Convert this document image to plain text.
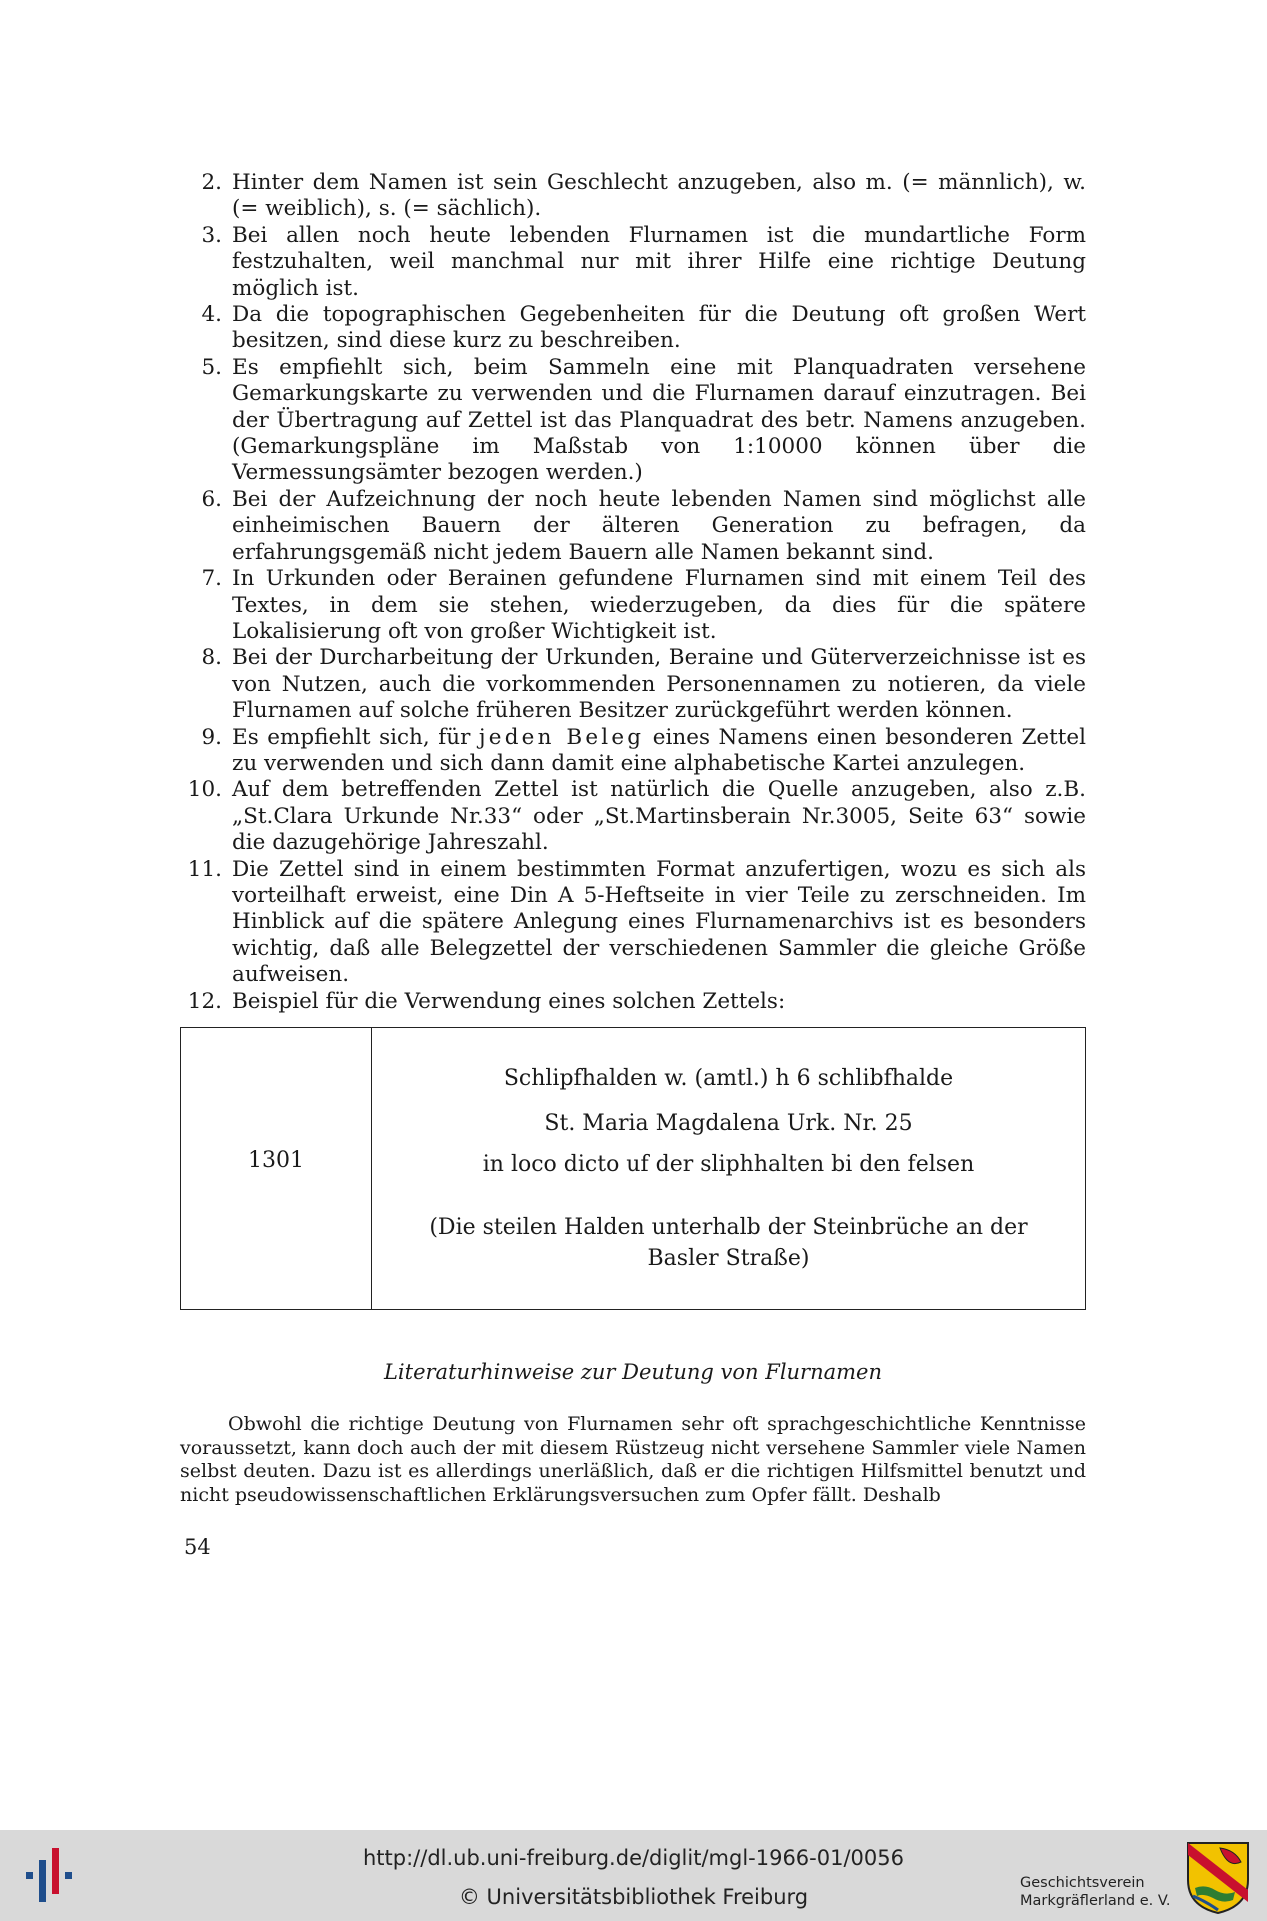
2. Hinter dem Namen ist sein Geschlecht anzugeben, also m. (= männlich), w. (= weiblich), s. (= sächlich).
3. Bei allen noch heute lebenden Flurnamen ist die mundartliche Form festzuhalten, weil manchmal nur mit ihrer Hilfe eine richtige Deutung möglich ist.
4. Da die topographischen Gegebenheiten für die Deutung oft großen Wert besitzen, sind diese kurz zu beschreiben.
5. Es empfiehlt sich, beim Sammeln eine mit Planquadraten versehene Gemarkungskarte zu verwenden und die Flurnamen darauf einzutragen. Bei der Übertragung auf Zettel ist das Planquadrat des betr. Namens anzugeben. (Gemarkungspläne im Maßstab von 1:10000 können über die Vermessungsämter bezogen werden.)
6. Bei der Aufzeichnung der noch heute lebenden Namen sind möglichst alle einheimischen Bauern der älteren Generation zu befragen, da erfahrungsgemäß nicht jedem Bauern alle Namen bekannt sind.
7. In Urkunden oder Berainen gefundene Flurnamen sind mit einem Teil des Textes, in dem sie stehen, wiederzugeben, da dies für die spätere Lokalisierung oft von großer Wichtigkeit ist.
8. Bei der Durcharbeitung der Urkunden, Beraine und Güterverzeichnisse ist es von Nutzen, auch die vorkommenden Personennamen zu notieren, da viele Flurnamen auf solche früheren Besitzer zurückgeführt werden können.
9. Es empfiehlt sich, für jeden Beleg eines Namens einen besonderen Zettel zu verwenden und sich dann damit eine alphabetische Kartei anzulegen.
10. Auf dem betreffenden Zettel ist natürlich die Quelle anzugeben, also z.B. „St.Clara Urkunde Nr.33“ oder „St.Martinsberain Nr.3005, Seite 63“ sowie die dazugehörige Jahreszahl.
11. Die Zettel sind in einem bestimmten Format anzufertigen, wozu es sich als vorteilhaft erweist, eine Din A 5-Heftseite in vier Teile zu zerschneiden. Im Hinblick auf die spätere Anlegung eines Flurnamenarchivs ist es besonders wichtig, daß alle Belegzettel der verschiedenen Sammler die gleiche Größe aufweisen.
12. Beispiel für die Verwendung eines solchen Zettels:
1301
Schlipfhalden w. (amtl.) h 6 schlibfhalde
St. Maria Magdalena Urk. Nr. 25
in loco dicto uf der sliphhalten bi den felsen
(Die steilen Halden unterhalb der Steinbrüche an der
Basler Straße)
Literaturhinweise zur Deutung von Flurnamen
Obwohl die richtige Deutung von Flurnamen sehr oft sprachgeschichtliche Kenntnisse voraussetzt, kann doch auch der mit diesem Rüstzeug nicht versehene Sammler viele Namen selbst deuten. Dazu ist es allerdings unerläßlich, daß er die richtigen Hilfsmittel benutzt und nicht pseudowissenschaftlichen Erklärungsversuchen zum Opfer fällt. Deshalb
54
http://dl.ub.uni-freiburg.de/diglit/mgl-1966-01/0056
© Universitätsbibliothek Freiburg
Geschichtsverein
Markgräflerland e. V.
